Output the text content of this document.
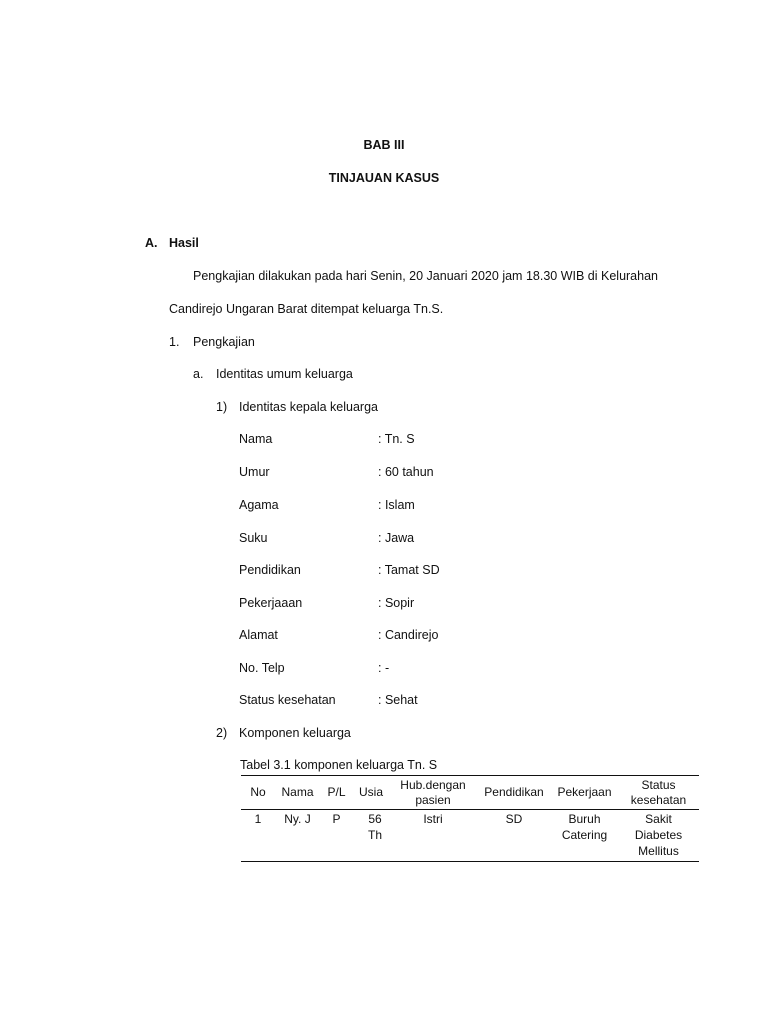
BAB III
TINJAUAN KASUS
A. Hasil
Pengkajian dilakukan pada hari Senin, 20 Januari 2020 jam 18.30 WIB di Kelurahan
Candirejo Ungaran Barat ditempat keluarga Tn.S.
1. Pengkajian
a. Identitas umum keluarga
1) Identitas kepala keluarga
Nama	: Tn. S
Umur	: 60 tahun
Agama	: Islam
Suku	: Jawa
Pendidikan	: Tamat SD
Pekerjaaan	: Sopir
Alamat	: Candirejo
No. Telp	: -
Status kesehatan	: Sehat
2) Komponen keluarga
Tabel 3.1 komponen keluarga Tn. S
No	Nama	P/L	Usia	Hub.dengan pasien	Pendidikan	Pekerjaan	Status kesehatan
1	Ny. J	P	56 Th	Istri	SD	Buruh Catering	Sakit Diabetes Mellitus
